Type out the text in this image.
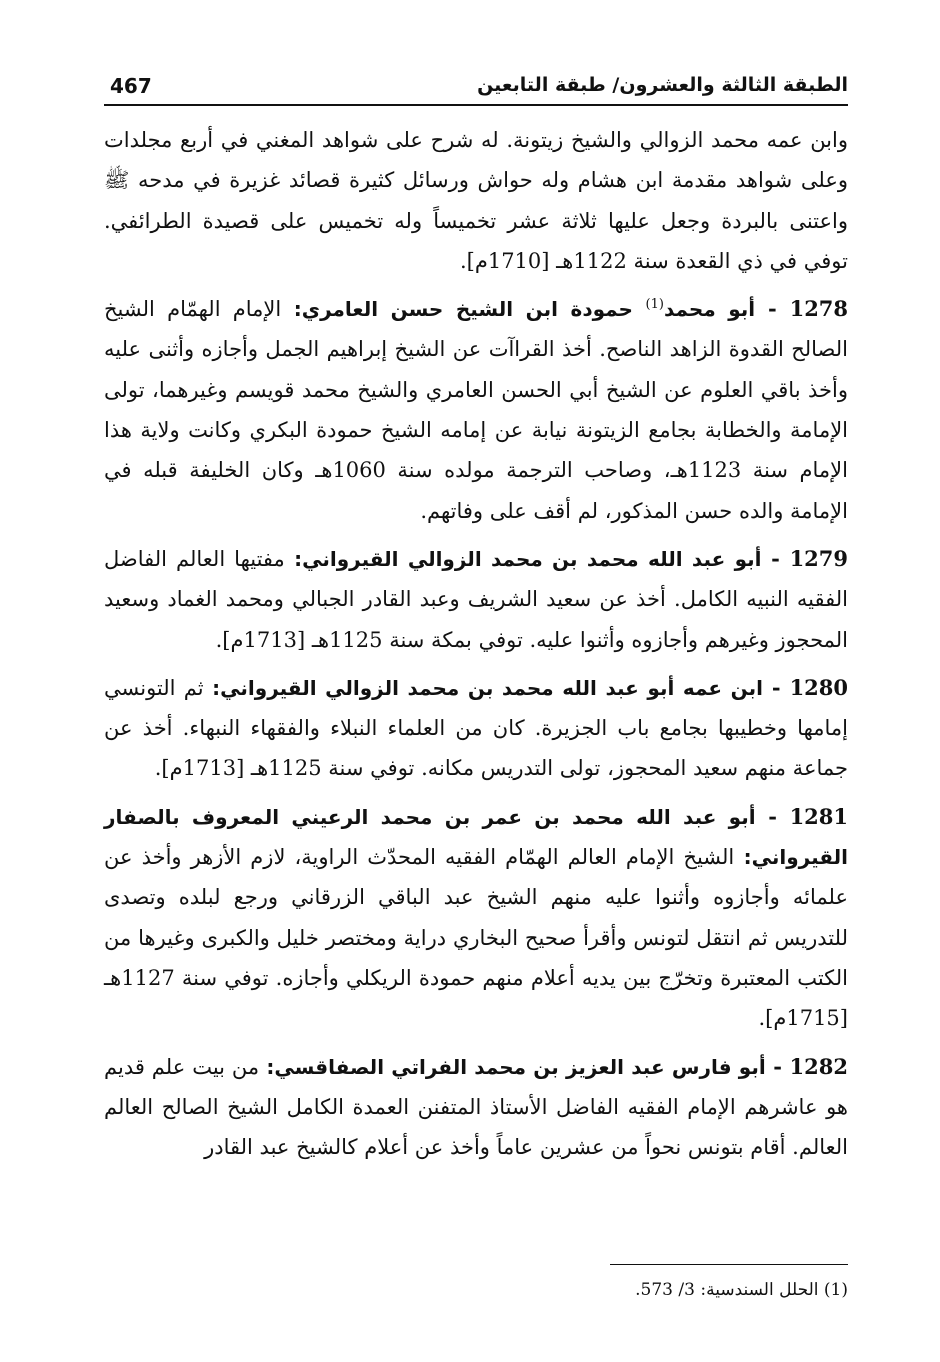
467	الطبقة الثالثة والعشرون/ طبقة التابعين

وابن عمه محمد الزوالي والشيخ زيتونة. له شرح على شواهد المغني في أربع مجلدات وعلى شواهد مقدمة ابن هشام وله حواش ورسائل كثيرة قصائد غزيرة في مدحه ﷺ واعتنى بالبردة وجعل عليها ثلاثة عشر تخميساً وله تخميس على قصيدة الطرائفي. توفي في ذي القعدة سنة 1122هـ [1710م].

1278 - أبو محمد$^{(1)}$ حمودة ابن الشيخ حسن العامري: الإمام الهمّام الشيخ الصالح القدوة الزاهد الناصح. أخذ القراآت عن الشيخ إبراهيم الجمل وأجازه وأثنى عليه وأخذ باقي العلوم عن الشيخ أبي الحسن العامري والشيخ محمد قويسم وغيرهما، تولى الإمامة والخطابة بجامع الزيتونة نيابة عن إمامه الشيخ حمودة البكري وكانت ولاية هذا الإمام سنة 1123هـ، وصاحب الترجمة مولده سنة 1060هـ وكان الخليفة قبله في الإمامة والده حسن المذكور، لم أقف على وفاتهم.

1279 - أبو عبد الله محمد بن محمد الزوالي القيرواني: مفتيها العالم الفاضل الفقيه النبيه الكامل. أخذ عن سعيد الشريف وعبد القادر الجبالي ومحمد الغماد وسعيد المحجوز وغيرهم وأجازوه وأثنوا عليه. توفي بمكة سنة 1125هـ [1713م].

1280 - ابن عمه أبو عبد الله محمد بن محمد الزوالي القيرواني: ثم التونسي إمامها وخطيبها بجامع باب الجزيرة. كان من العلماء النبلاء والفقهاء النبهاء. أخذ عن جماعة منهم سعيد المحجوز، تولى التدريس مكانه. توفي سنة 1125هـ [1713م].

1281 - أبو عبد الله محمد بن عمر بن محمد الرعيني المعروف بالصفار القيرواني: الشيخ الإمام العالم الهمّام الفقيه المحدّث الراوية، لازم الأزهر وأخذ عن علمائه وأجازوه وأثنوا عليه منهم الشيخ عبد الباقي الزرقاني ورجع لبلده وتصدى للتدريس ثم انتقل لتونس وأقرأ صحيح البخاري دراية ومختصر خليل والكبرى وغيرها من الكتب المعتبرة وتخرّج بين يديه أعلام منهم حمودة الريكلي وأجازه. توفي سنة 1127هـ [1715م].

1282 - أبو فارس عبد العزيز بن محمد الفراتي الصفاقسي: من بيت علم قديم هو عاشرهم الإمام الفقيه الفاضل الأستاذ المتفنن العمدة الكامل الشيخ الصالح العالم العالم. أقام بتونس نحواً من عشرين عاماً وأخذ عن أعلام كالشيخ عبد القادر

(1) الحلل السندسية: 3/ 573.
